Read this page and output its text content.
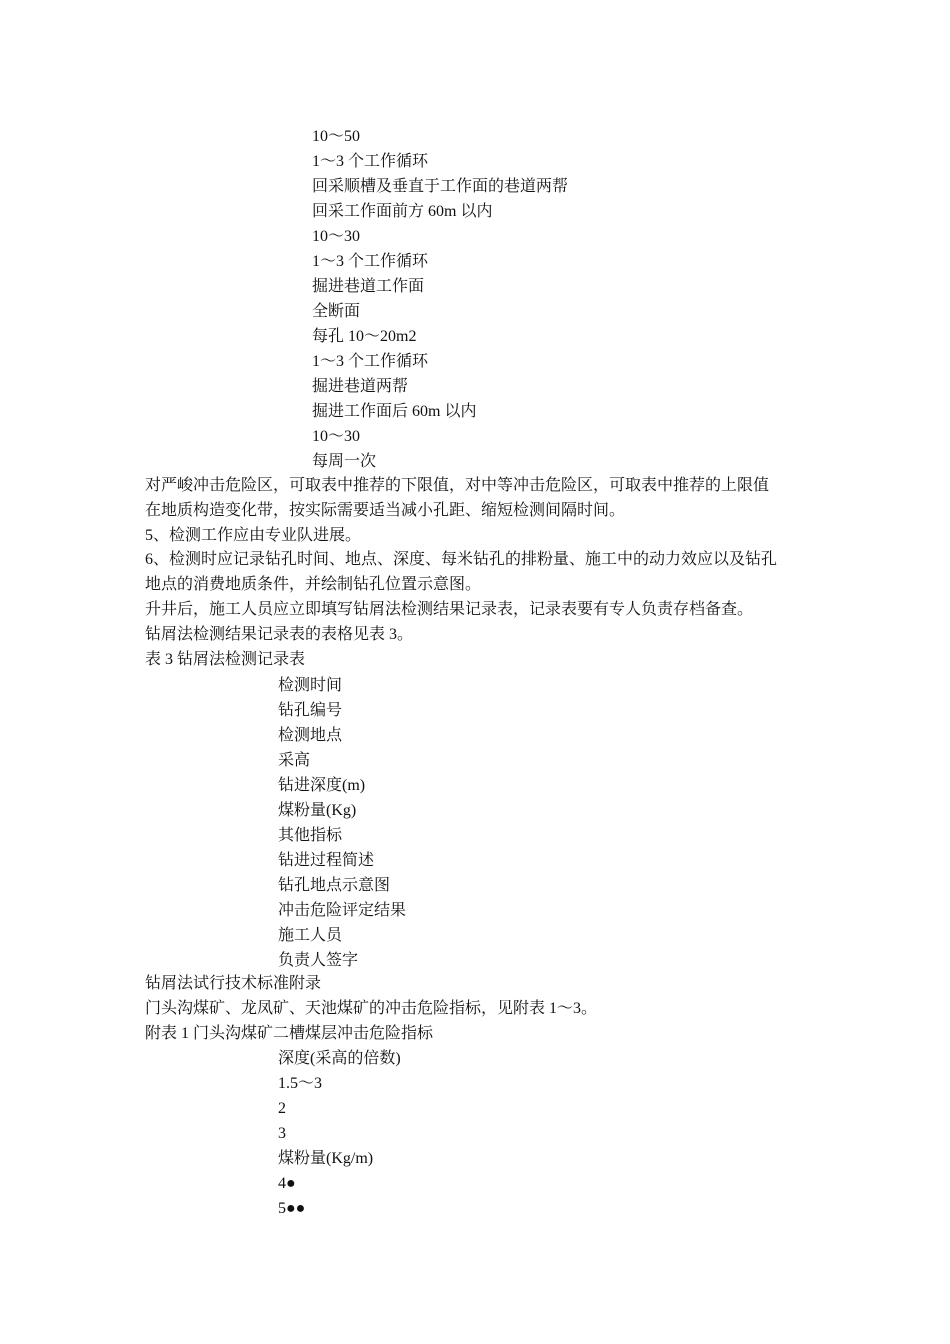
10～50
1～3 个工作循环
回采顺槽及垂直于工作面的巷道两帮
回采工作面前方 60m 以内
10～30
1～3 个工作循环
掘进巷道工作面
全断面
每孔 10～20m2
1～3 个工作循环
掘进巷道两帮
掘进工作面后 60m 以内
10～30
每周一次
对严峻冲击危险区，可取表中推荐的下限值，对中等冲击危险区，可取表中推荐的上限值
在地质构造变化带，按实际需要适当减小孔距、缩短检测间隔时间。
5、检测工作应由专业队进展。
6、检测时应记录钻孔时间、地点、深度、每米钻孔的排粉量、施工中的动力效应以及钻孔
地点的消费地质条件，并绘制钻孔位置示意图。
升井后，施工人员应立即填写钻屑法检测结果记录表，记录表要有专人负责存档备查。
钻屑法检测结果记录表的表格见表 3。
表 3 钻屑法检测记录表
检测时间
钻孔编号
检测地点
采高
钻进深度(m)
煤粉量(Kg)
其他指标
钻进过程简述
钻孔地点示意图
冲击危险评定结果
施工人员
负责人签字
钻屑法试行技术标准附录
门头沟煤矿、龙凤矿、天池煤矿的冲击危险指标，见附表 1～3。
附表 1 门头沟煤矿二槽煤层冲击危险指标
深度(采高的倍数)
1.5～3
2
3
煤粉量(Kg/m)
4●
5●●
